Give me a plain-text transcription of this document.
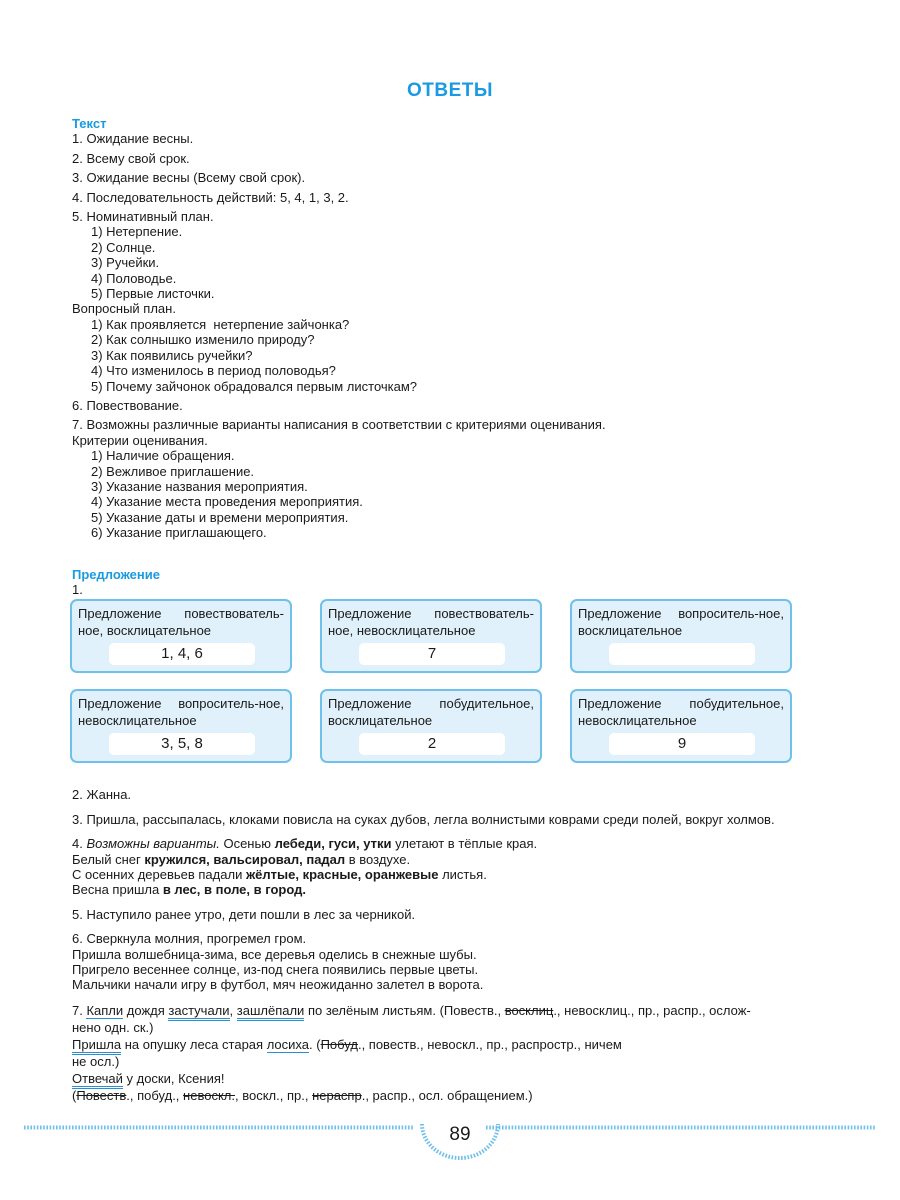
ОТВЕТЫ
Текст
1. Ожидание весны.
2. Всему свой срок.
3. Ожидание весны (Всему свой срок).
4. Последовательность действий: 5, 4, 1, 3, 2.
5. Номинативный план.
1) Нетерпение.
2) Солнце.
3) Ручейки.
4) Половодье.
5) Первые листочки.
Вопросный план.
1) Как проявляется  нетерпение зайчонка?
2) Как солнышко изменило природу?
3) Как появились ручейки?
4) Что изменилось в период половодья?
5) Почему зайчонок обрадовался первым листочкам?
6. Повествование.
7. Возможны различные варианты написания в соответствии с критериями оценивания.
Критерии оценивания.
1) Наличие обращения.
2) Вежливое приглашение.
3) Указание названия мероприятия.
4) Указание места проведения мероприятия.
5) Указание даты и времени мероприятия.
6) Указание приглашающего.
Предложение
1.
Предложение повествователь-ное, восклицательное
1, 4, 6
Предложение повествователь-ное, невосклицательное
7
Предложение вопроситель-ное, восклицательное
Предложение вопроситель-ное, невосклицательное
3, 5, 8
Предложение побудительное, восклицательное
2
Предложение побудительное, невосклицательное
9
2. Жанна.
3. Пришла, рассыпалась, клоками повисла на суках дубов, легла волнистыми коврами среди полей, вокруг холмов.
4. Возможны варианты. Осенью лебеди, гуси, утки улетают в тёплые края.
Белый снег кружился, вальсировал, падал в воздухе.
С осенних деревьев падали жёлтые, красные, оранжевые листья.
Весна пришла в лес, в поле, в город.
5. Наступило ранее утро, дети пошли в лес за черникой.
6. Сверкнула молния, прогремел гром.
Пришла волшебница-зима, все деревья оделись в снежные шубы.
Пригрело весеннее солнце, из-под снега появились первые цветы.
Мальчики начали игру в футбол, мяч неожиданно залетел в ворота.
7. Капли дождя застучали, зашлёпали по зелёным листьям. (Повеств., восклиц., невосклиц., пр., распр., ослож-
нено одн. ск.)
Пришла на опушку леса старая лосиха. (Побуд., повеств., невоскл., пр., распростр., ничем
не осл.)
Отвечай у доски, Ксения!
(Повеств., побуд., невоскл., воскл., пр., нераспр., распр., осл. обращением.)
89
